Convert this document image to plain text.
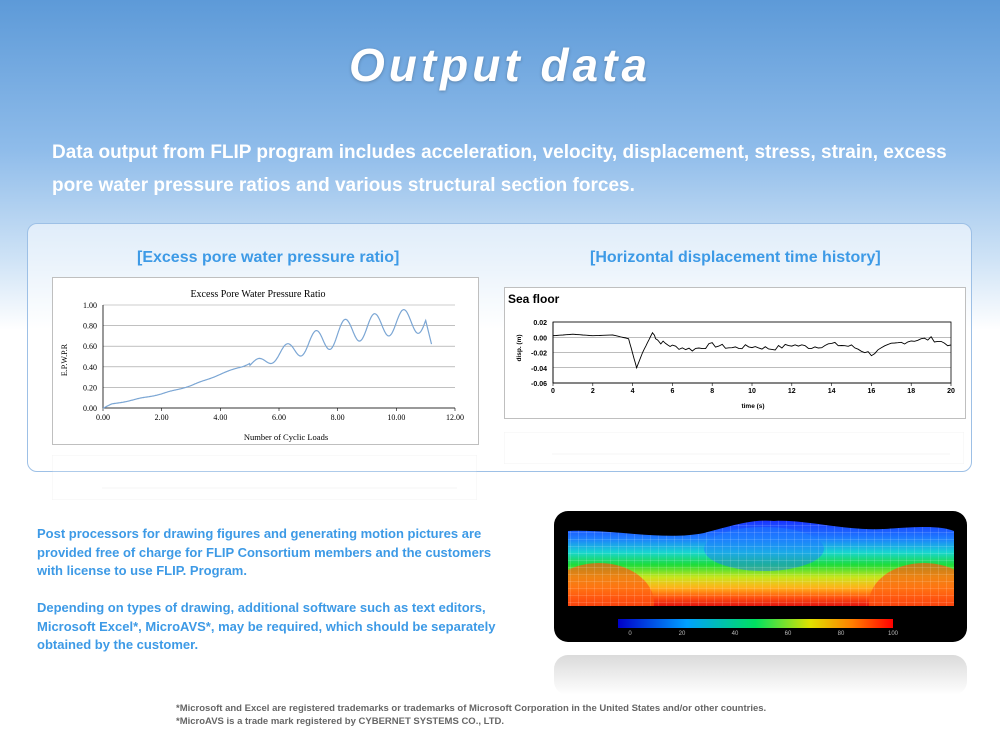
Output data
Data output from FLIP program includes acceleration, velocity, displacement, stress, strain, excess pore water pressure ratios and various structural section forces.
[Excess pore water pressure ratio]	[Horizontal displacement time history]
Excess Pore Water Pressure Ratio
E.P.W.P.R
Number of Cyclic Loads
0.00
0.20
0.40
0.60
0.80
1.00
0.00	2.00	4.00	6.00	8.00	10.00	12.00
Sea floor
disp. (m)
time (s)
0.02
0.00
-0.02
-0.04
-0.06
0	2	4	6	8	10	12	14	16	18	20
Post processors for drawing figures and generating motion pictures are provided free of charge for FLIP Consortium members and the customers with license to use FLIP. Program.
Depending on types of drawing, additional software such as text editors, Microsoft Excel*, MicroAVS*, may be required, which should be separately obtained by the customer.
0	20	40	60	80	100
*Microsoft and Excel are registered trademarks or trademarks of Microsoft Corporation in the United States and/or other countries.
*MicroAVS is a trade mark registered by CYBERNET SYSTEMS CO., LTD.
